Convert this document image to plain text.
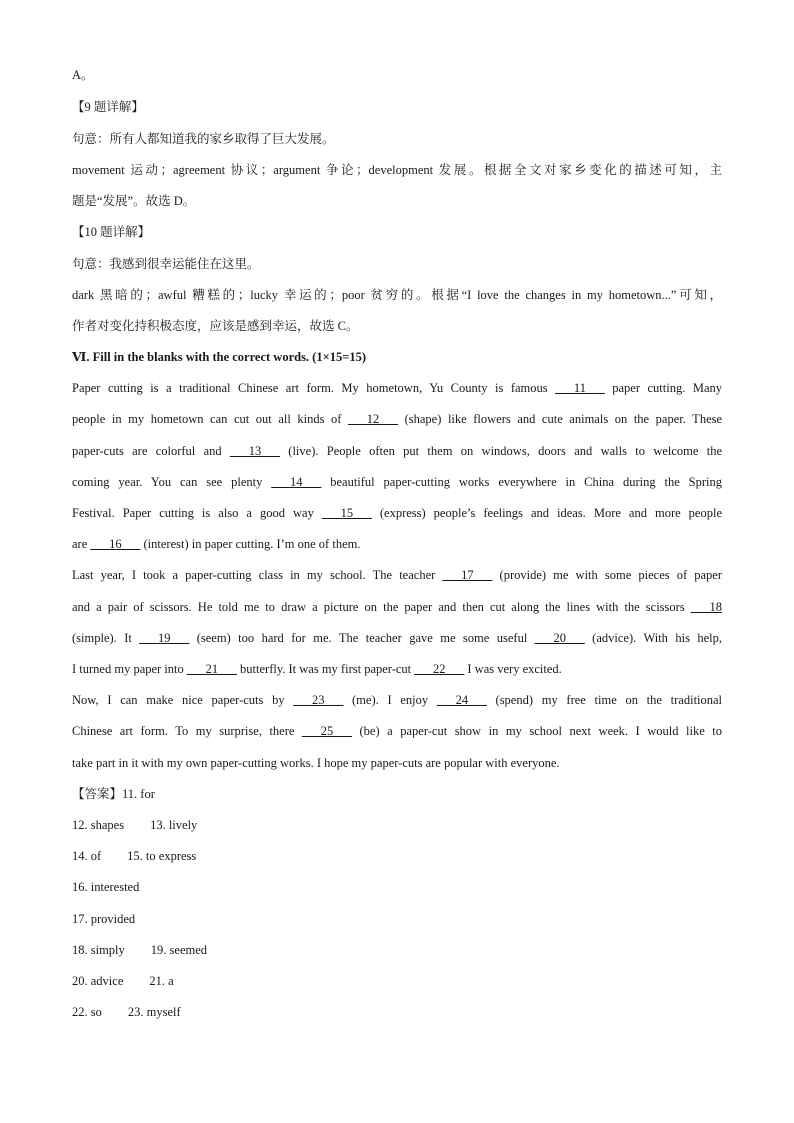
A。
【9 题详解】
句意：所有人都知道我的家乡取得了巨大发展。
movement 运动；agreement 协议；argument 争论；development 发展。根据全文对家乡变化的描述可知，主
题是“发展”。故选 D。
【10 题详解】
句意：我感到很幸运能住在这里。
dark 黑暗的；awful 糟糕的；lucky 幸运的；poor 贫穷的。根据“I love the changes in my hometown...”可知，
作者对变化持积极态度，应该是感到幸运，故选 C。
Ⅵ. Fill in the blanks with the correct words. (1×15=15)
Paper cutting is a traditional Chinese art form. My hometown, Yu County is famous ___11___ paper cutting. Many
people in my hometown can cut out all kinds of ___12___ (shape) like flowers and cute animals on the paper. These
paper-cuts are colorful and ___13___ (live). People often put them on windows, doors and walls to welcome the
coming year. You can see plenty ___14___ beautiful paper-cutting works everywhere in China during the Spring
Festival. Paper cutting is also a good way ___15___ (express) people’s feelings and ideas. More and more people
are ___16___ (interest) in paper cutting. I’m one of them.
Last year, I took a paper-cutting class in my school. The teacher ___17___ (provide) me with some pieces of paper
and a pair of scissors. He told me to draw a picture on the paper and then cut along the lines with the scissors ___18
(simple). It ___19___ (seem) too hard for me. The teacher gave me some useful ___20___ (advice). With his help,
I turned my paper into ___21___ butterfly. It was my first paper-cut ___22___ I was very excited.
Now, I can make nice paper-cuts by ___23___ (me). I enjoy ___24___ (spend) my free time on the traditional
Chinese art form. To my surprise, there ___25___ (be) a paper-cut show in my school next week. I would like to
take part in it with my own paper-cutting works. I hope my paper-cuts are popular with everyone.
【答案】11. for
12. shapes 13. lively
14. of 15. to express
16. interested
17. provided
18. simply 19. seemed
20. advice 21. a
22. so 23. myself
